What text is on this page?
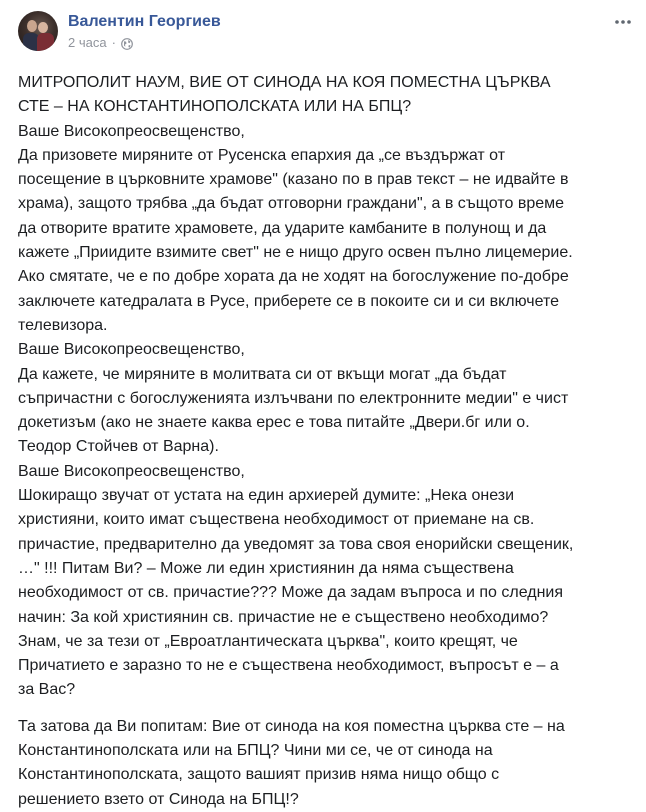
Валентин Георгиев
2 часа ·

МИТРОПОЛИТ НАУМ, ВИЕ ОТ СИНОДА НА КОЯ ПОМЕСТНА ЦЪРКВА

СТЕ – НА КОНСТАНТИНОПОЛСКАТА ИЛИ НА БПЦ?

Ваше Високопреосвещенство,

Да призовете миряните от Русенска епархия да „се въздържат от

посещение в църковните храмове" (казано по в прав текст – не идвайте в

храма), защото трябва „да бъдат отговорни граждани", а в същото време

да отворите вратите храмовете, да ударите камбаните в полунощ и да

кажете „Приидите взимите свет" не е нищо друго освен пълно лицемерие.

Ако смятате, че е по добре хората да не ходят на богослужение по-добре

заключете катедралата в Русе, приберете се в покоите си и си включете

телевизора.

Ваше Високопреосвещенство,

Да кажете, че миряните в молитвата си от вкъщи могат „да бъдат

съпричастни с богослуженията излъчвани по електронните медии" е чист

докетизъм (ако не знаете каква ерес е това питайте „Двери.бг или о.

Теодор Стойчев от Варна).

Ваше Високопреосвещенство,

Шокиращо звучат от устата на един архиерей думите: „Нека онези

християни, които имат съществена необходимост от приемане на св.

причастие, предварително да уведомят за това своя енорийски свещеник,

…" !!! Питам Ви? – Може ли един християнин да няма съществена

необходимост от св. причастие??? Може да задам въпроса и по следния

начин: За кой християнин св. причастие не е съществено необходимо?

Знам, че за тези от „Евроатлантическата църква", които крещят, че

Причатието е заразно то не е съществена необходимост, въпросът е – а

за Вас?

Та затова да Ви попитам: Вие от синода на коя поместна църква сте – на

Константинополската или на БПЦ? Чини ми се, че от синода на

Константинополската, защото вашият призив няма нищо общо с

решението взето от Синода на БПЦ!?
